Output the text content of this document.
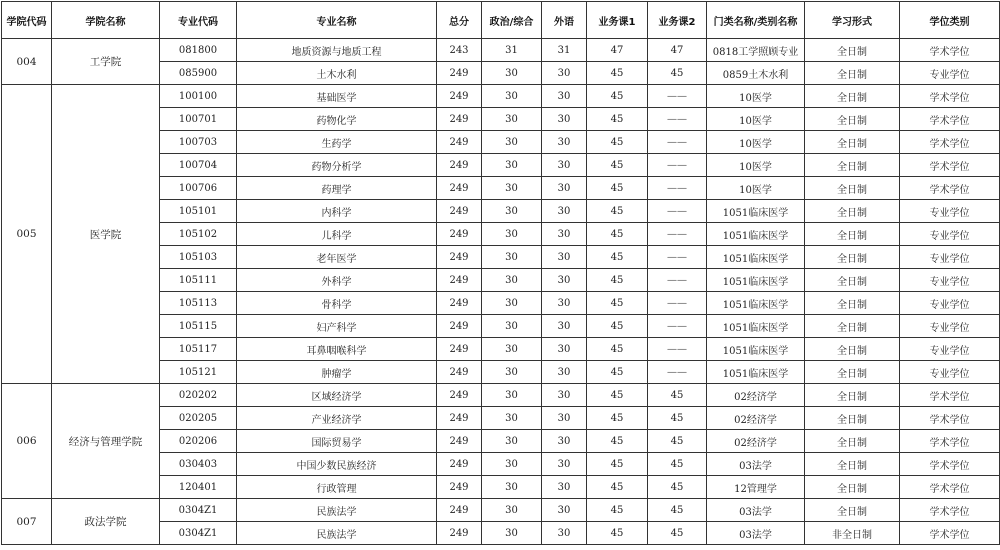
学院代码	学院名称	专业代码	专业名称	总分	政治/综合	外语	业务课1	业务课2	门类名称/类别名称	学习形式	学位类别
004	工学院	081800	地质资源与地质工程	243	31	31	47	47	0818工学照顾专业	全日制	学术学位
		085900	土木水利	249	30	30	45	45	0859土木水利	全日制	专业学位
005	医学院	100100	基础医学	249	30	30	45	——	10医学	全日制	学术学位
		100701	药物化学	249	30	30	45	——	10医学	全日制	学术学位
		100703	生药学	249	30	30	45	——	10医学	全日制	学术学位
		100704	药物分析学	249	30	30	45	——	10医学	全日制	学术学位
		100706	药理学	249	30	30	45	——	10医学	全日制	学术学位
		105101	内科学	249	30	30	45	——	1051临床医学	全日制	专业学位
		105102	儿科学	249	30	30	45	——	1051临床医学	全日制	专业学位
		105103	老年医学	249	30	30	45	——	1051临床医学	全日制	专业学位
		105111	外科学	249	30	30	45	——	1051临床医学	全日制	专业学位
		105113	骨科学	249	30	30	45	——	1051临床医学	全日制	专业学位
		105115	妇产科学	249	30	30	45	——	1051临床医学	全日制	专业学位
		105117	耳鼻咽喉科学	249	30	30	45	——	1051临床医学	全日制	专业学位
		105121	肿瘤学	249	30	30	45	——	1051临床医学	全日制	专业学位
006	经济与管理学院	020202	区域经济学	249	30	30	45	45	02经济学	全日制	学术学位
		020205	产业经济学	249	30	30	45	45	02经济学	全日制	学术学位
		020206	国际贸易学	249	30	30	45	45	02经济学	全日制	学术学位
		030403	中国少数民族经济	249	30	30	45	45	03法学	全日制	学术学位
		120401	行政管理	249	30	30	45	45	12管理学	全日制	学术学位
007	政法学院	0304Z1	民族法学	249	30	30	45	45	03法学	全日制	学术学位
		0304Z1	民族法学	249	30	30	45	45	03法学	非全日制	学术学位
